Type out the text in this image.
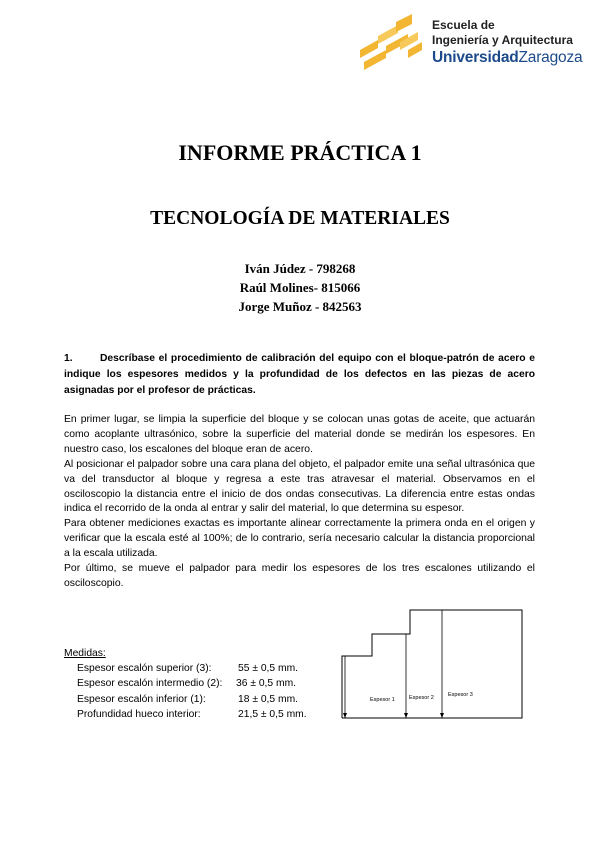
Escuela de
Ingeniería y Arquitectura
UniversidadZaragoza
INFORME PRÁCTICA 1
TECNOLOGÍA DE MATERIALES
Iván Júdez - 798268
Raúl Molines- 815066
Jorge Muñoz - 842563
1.	Descríbase el procedimiento de calibración del equipo con el bloque-patrón de acero e indique los espesores medidos y la profundidad de los defectos en las piezas de acero asignadas por el profesor de prácticas.

En primer lugar, se limpia la superficie del bloque y se colocan unas gotas de aceite, que actuarán como acoplante ultrasónico, sobre la superficie del material donde se medirán los espesores. En nuestro caso, los escalones del bloque eran de acero.

Al posicionar el palpador sobre una cara plana del objeto, el palpador emite una señal ultrasónica que va del transductor al bloque y regresa a este tras atravesar el material. Observamos en el osciloscopio la distancia entre el inicio de dos ondas consecutivas. La diferencia entre estas ondas indica el recorrido de la onda al entrar y salir del material, lo que determina su espesor.

Para obtener mediciones exactas es importante alinear correctamente la primera onda en el origen y verificar que la escala esté al 100%; de lo contrario, sería necesario calcular la distancia proporcional a la escala utilizada.

Por último, se mueve el palpador para medir los espesores de los tres escalones utilizando el osciloscopio.

Espesor 1	Espesor 2	Espesor 3
Medidas:
Espesor escalón superior (3):	55 ± 0,5 mm.
Espesor escalón intermedio (2): 36 ± 0,5 mm.
Espesor escalón inferior (1):	18 ± 0,5 mm.
Profundidad hueco interior:	21,5 ± 0,5 mm.
